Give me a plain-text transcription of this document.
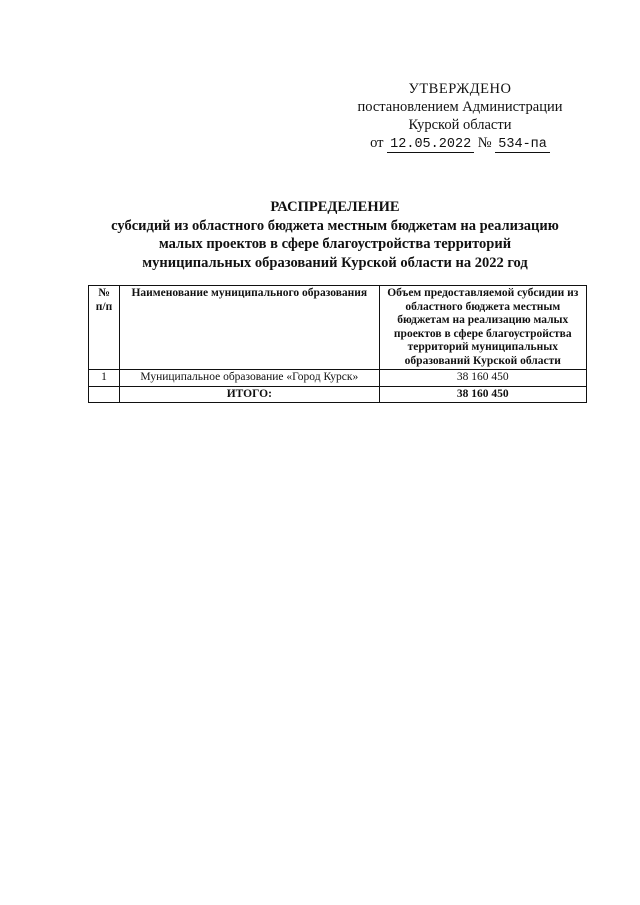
УТВЕРЖДЕНО
постановлением Администрации
Курской области
от 12.05.2022 № 534-па
РАСПРЕДЕЛЕНИЕ
субсидий из областного бюджета местным бюджетам на реализацию
малых проектов в сфере благоустройства территорий
муниципальных образований Курской области на 2022 год
№ п/п	Наименование муниципального образования	Объем предоставляемой субсидии из областного бюджета местным бюджетам на реализацию малых проектов в сфере благоустройства территорий муниципальных образований Курской области
1	Муниципальное образование «Город Курск»	38 160 450
	ИТОГО:	38 160 450
